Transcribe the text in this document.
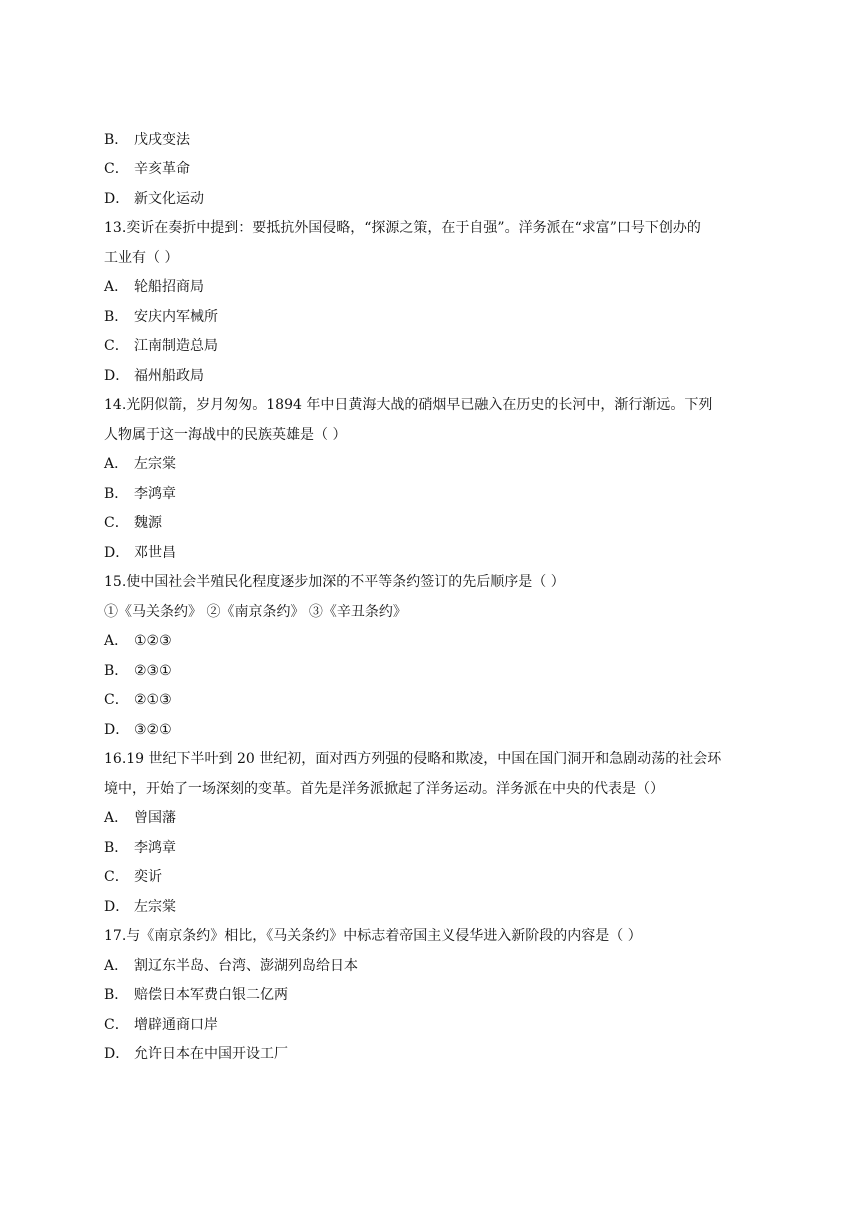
B． 戊戌变法
C． 辛亥革命
D． 新文化运动
13.奕䜣在奏折中提到：要抵抗外国侵略，“探源之策，在于自强”。洋务派在“求富”口号下创办的
工业有（ ）
A． 轮船招商局
B． 安庆内军械所
C． 江南制造总局
D． 福州船政局
14.光阴似箭，岁月匆匆。1894 年中日黄海大战的硝烟早已融入在历史的长河中，渐行渐远。下列
人物属于这一海战中的民族英雄是（ ）
A． 左宗棠
B． 李鸿章
C． 魏源
D． 邓世昌
15.使中国社会半殖民化程度逐步加深的不平等条约签订的先后顺序是（ ）
①《马关条约》 ②《南京条约》 ③《辛丑条约》
A． ①②③
B． ②③①
C． ②①③
D． ③②①
16.19 世纪下半叶到 20 世纪初，面对西方列强的侵略和欺凌，中国在国门洞开和急剧动荡的社会环
境中，开始了一场深刻的变革。首先是洋务派掀起了洋务运动。洋务派在中央的代表是（）
A． 曾国藩
B． 李鸿章
C． 奕䜣
D． 左宗棠
17.与《南京条约》相比，《马关条约》中标志着帝国主义侵华进入新阶段的内容是（ ）
A． 割辽东半岛、台湾、澎湖列岛给日本
B． 赔偿日本军费白银二亿两
C． 增辟通商口岸
D． 允许日本在中国开设工厂
